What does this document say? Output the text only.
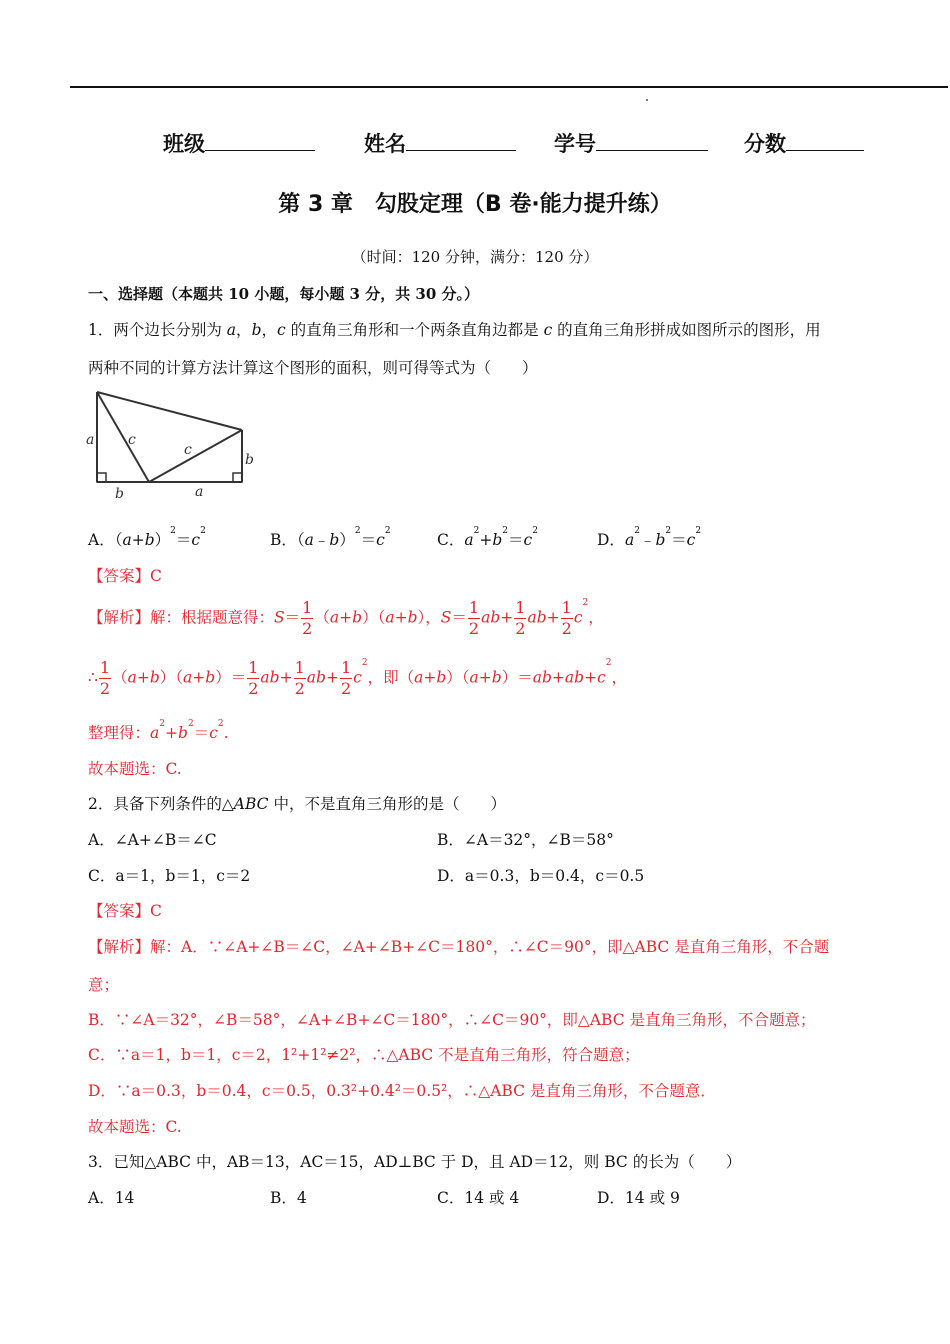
班级	姓名	学号	分数
第 3 章　勾股定理（B 卷·能力提升练）
（时间：120 分钟，满分：120 分）
一、选择题（本题共 10 小题，每小题 3 分，共 30 分。）
1．两个边长分别为 a，b，c 的直角三角形和一个两条直角边都是 c 的直角三角形拼成如图所示的图形，用
两种不同的计算方法计算这个图形的面积，则可得等式为（　　）
a c
c
b
b	a
A．$(a+b)^2=c^2$	B．$(a﹣b)^2=c^2$	C．$a^2+b^2=c^2$	D．$a^2﹣b^2=c^2$
【答案】C
【解析】解：根据题意得：$S= \frac{1}{2} (a+b)(a+b)$，$S= \frac{1}{2} ab+ \frac{1}{2} ab+ \frac{1}{2} c^2$，
∴ $\frac{1}{2} (a+b)(a+b)= \frac{1}{2} ab+ \frac{1}{2} ab+ \frac{1}{2} c^2$，即$(a+b)(a+b)=ab+ab+c^2$，
整理得：$a^2+b^2=c^2$.
故本题选：C.
2．具备下列条件的△ABC 中，不是直角三角形的是（　　）
A．∠A+∠B＝∠C	B．∠A＝32°，∠B＝58°
C．a＝1，b＝1，c＝2	D．a＝0.3，b＝0.4，c＝0.5
【答案】C
【解析】解：A．∵∠A+∠B＝∠C，∠A+∠B+∠C＝180°，∴∠C＝90°，即△ABC 是直角三角形，不合题
意；
B．∵∠A＝32°，∠B＝58°，∠A+∠B+∠C＝180°，∴∠C＝90°，即△ABC 是直角三角形，不合题意；
C．∵a＝1，b＝1，c＝2，1²+1²≠2²，∴△ABC 不是直角三角形，符合题意；
D．∵a＝0.3，b＝0.4，c＝0.5，0.3²+0.4²＝0.5²，∴△ABC 是直角三角形，不合题意．
故本题选：C.
3．已知△ABC 中，AB＝13，AC＝15，AD⊥BC 于 D，且 AD＝12，则 BC 的长为（　　）
A．14	B．4	C．14 或 4	D．14 或 9
